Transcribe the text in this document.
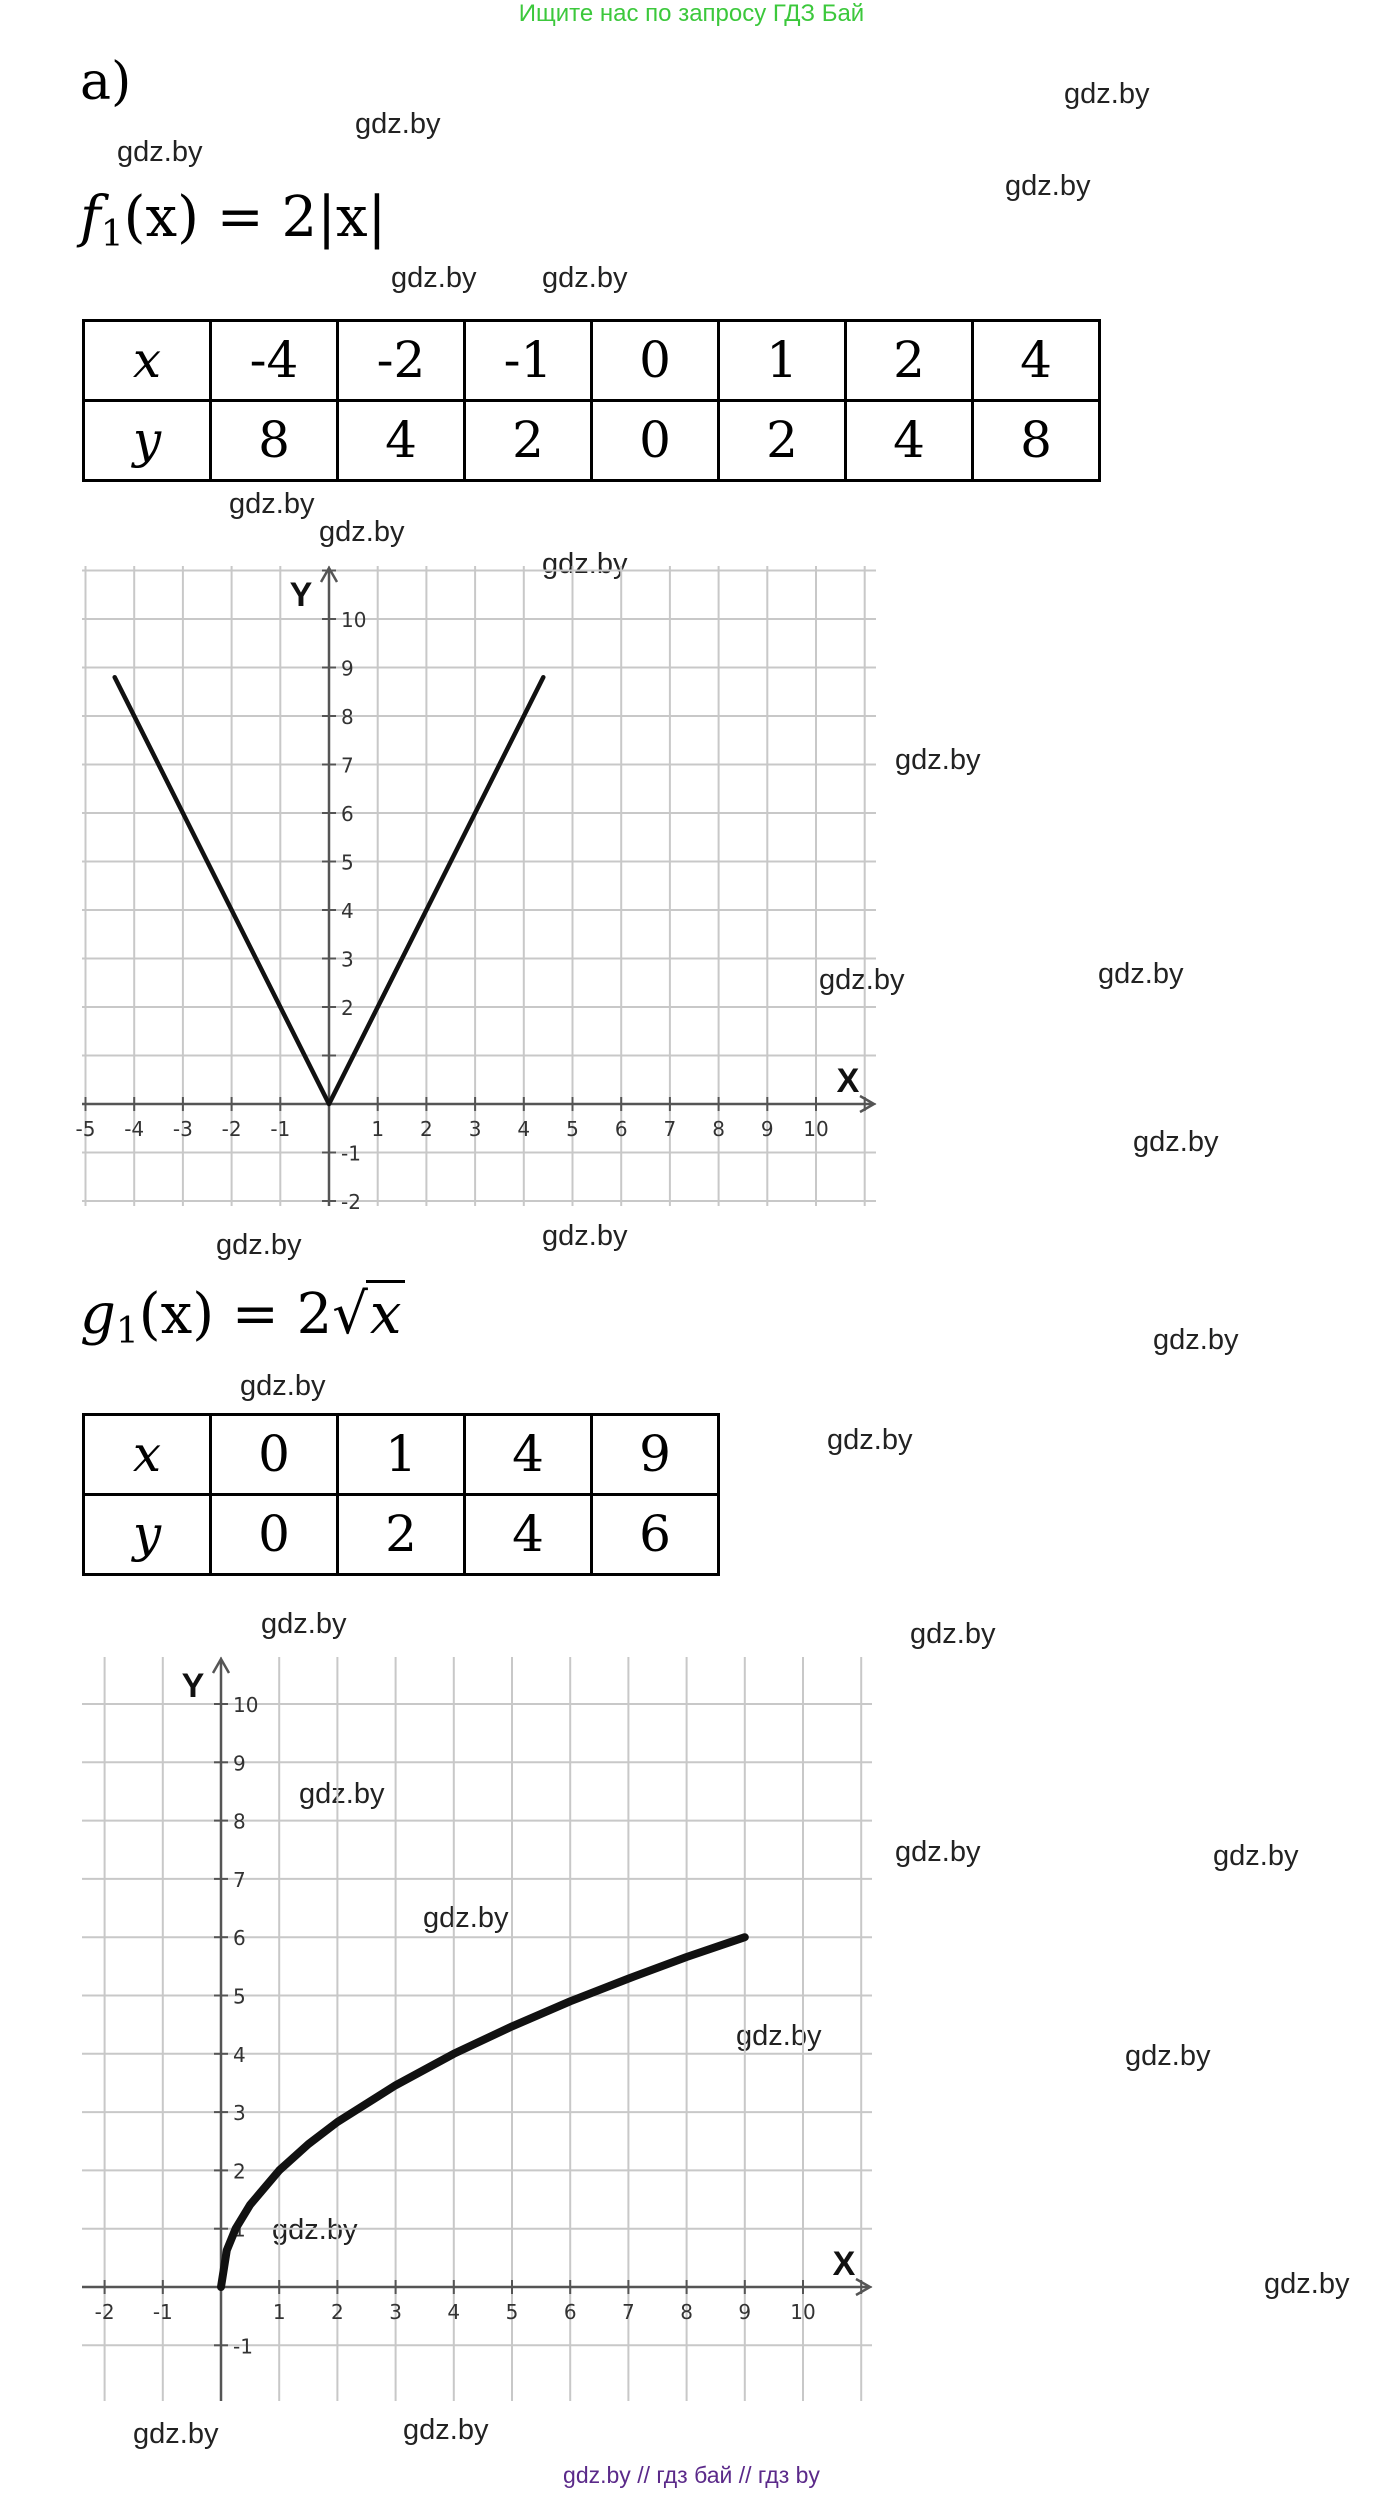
Ищите нас по запросу ГДЗ Бай
а)	gdz.by
gdz.by
gdz.by
gdz.by
gdz.by gdz.by
gdz.by
gdz.by
gdz.by
gdz.by
gdz.by
gdz.by
gdz.by
gdz.by	gdz.by
gdz.by
gdz.by
gdz.by
gdz.by	gdz.by
gdz.by
gdz.by	gdz.by
gdz.by
gdz.by
gdz.by
gdz.by
gdz.by
gdz.by	gdz.by
$f_1(x) = 2|x|$
x	-4	-2	-1	0	1	2	4
y	8	4	2	0	2	4	8
-5 -4 -3 -2 -1	1 2 3 4 5 6 7 8 9 10
-1
-2
2
3
4
5
6
7
8
9
10
X
Y
$g_1(x) = 2√x$
x	0	1	4	9
y	0	2	4	6
-2 -1	1 2 3 4 5 6 7 8 9 10
-1
1
2
3
4
5
6
7
8
9
10
X
Y
gdz.by // гдз бай // гдз by
